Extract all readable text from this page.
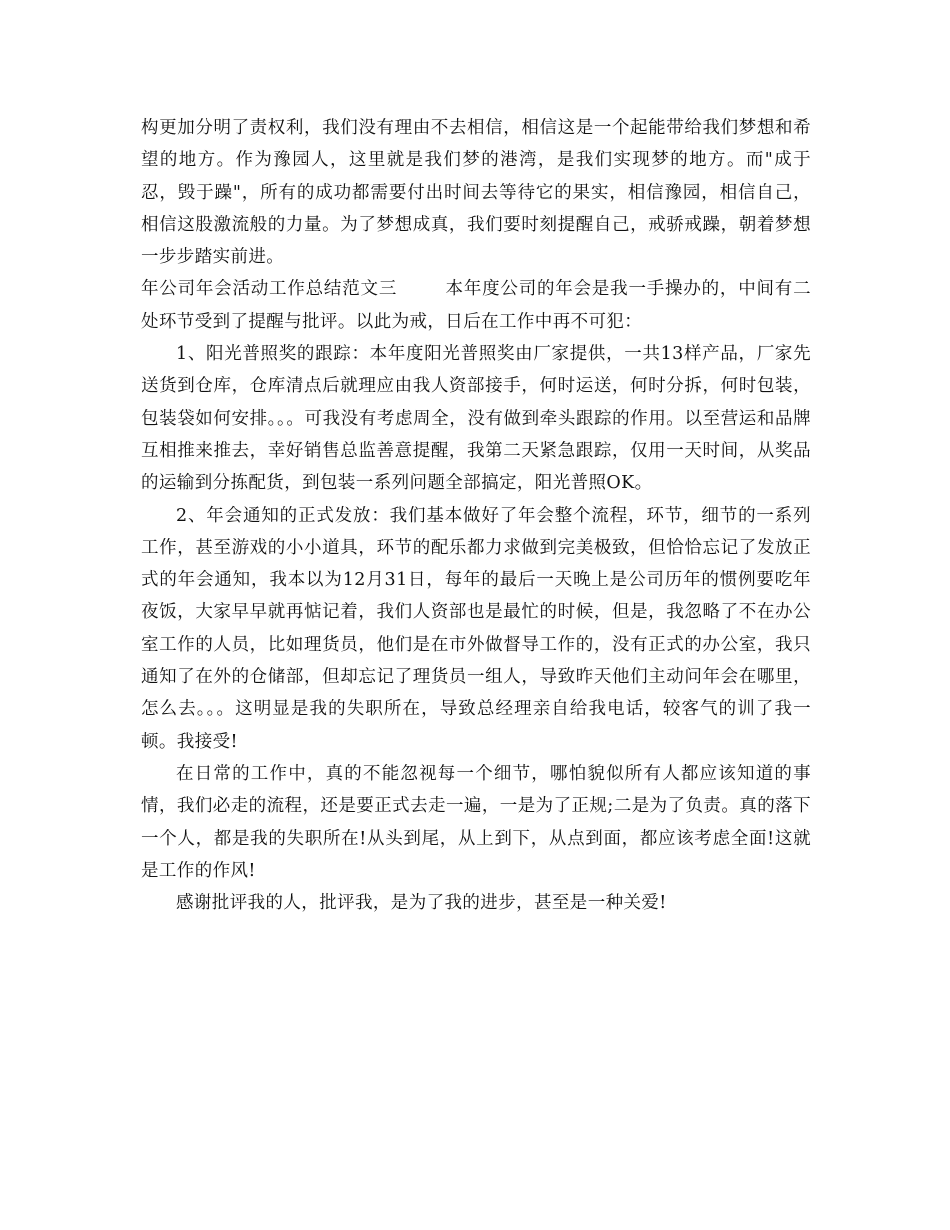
构更加分明了责权利，我们没有理由不去相信，相信这是一个起能带给我们梦想和希望的地方。作为豫园人，这里就是我们梦的港湾，是我们实现梦的地方。而"成于忍，毁于躁"，所有的成功都需要付出时间去等待它的果实，相信豫园，相信自己，相信这股激流般的力量。为了梦想成真，我们要时刻提醒自己，戒骄戒躁，朝着梦想一步步踏实前进。

年公司年会活动工作总结范文三	本年度公司的年会是我一手操办的，中间有二处环节受到了提醒与批评。以此为戒，日后在工作中再不可犯：

1、阳光普照奖的跟踪：本年度阳光普照奖由厂家提供，一共13样产品，厂家先送货到仓库，仓库清点后就理应由我人资部接手，何时运送，何时分拆，何时包装，包装袋如何安排。。。可我没有考虑周全，没有做到牵头跟踪的作用。以至营运和品牌互相推来推去，幸好销售总监善意提醒，我第二天紧急跟踪，仅用一天时间，从奖品的运输到分拣配货，到包装一系列问题全部搞定，阳光普照OK。

2、年会通知的正式发放：我们基本做好了年会整个流程，环节，细节的一系列工作，甚至游戏的小小道具，环节的配乐都力求做到完美极致，但恰恰忘记了发放正式的年会通知，我本以为12月31日，每年的最后一天晚上是公司历年的惯例要吃年夜饭，大家早早就再惦记着，我们人资部也是最忙的时候，但是，我忽略了不在办公室工作的人员，比如理货员，他们是在市外做督导工作的，没有正式的办公室，我只通知了在外的仓储部，但却忘记了理货员一组人，导致昨天他们主动问年会在哪里，怎么去。。。这明显是我的失职所在，导致总经理亲自给我电话，较客气的训了我一顿。我接受!

在日常的工作中，真的不能忽视每一个细节，哪怕貌似所有人都应该知道的事情，我们必走的流程，还是要正式去走一遍，一是为了正规;二是为了负责。真的落下一个人，都是我的失职所在!从头到尾，从上到下，从点到面，都应该考虑全面!这就是工作的作风!

感谢批评我的人，批评我，是为了我的进步，甚至是一种关爱!
